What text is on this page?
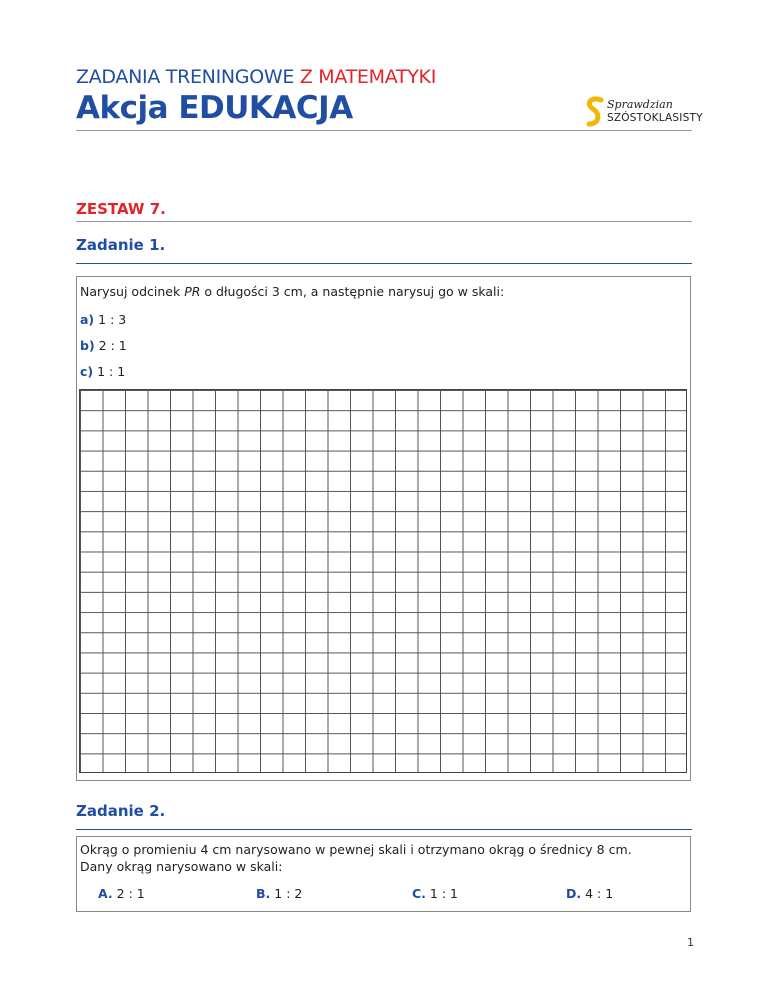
ZADANIA TRENINGOWE Z MATEMATYKI
Akcja EDUKACJA	Sprawdzian
SZÓSTOKLASISTY
ZESTAW 7.
Zadanie 1.
Narysuj odcinek PR o długości 3 cm, a następnie narysuj go w skali:
a) 1 : 3
b) 2 : 1
c) 1 : 1
Zadanie 2.
Okrąg o promieniu 4 cm narysowano w pewnej skali i otrzymano okrąg o średnicy 8 cm.
Dany okrąg narysowano w skali:
A. 2 : 1	B. 1 : 2	C. 1 : 1	D. 4 : 1
1
